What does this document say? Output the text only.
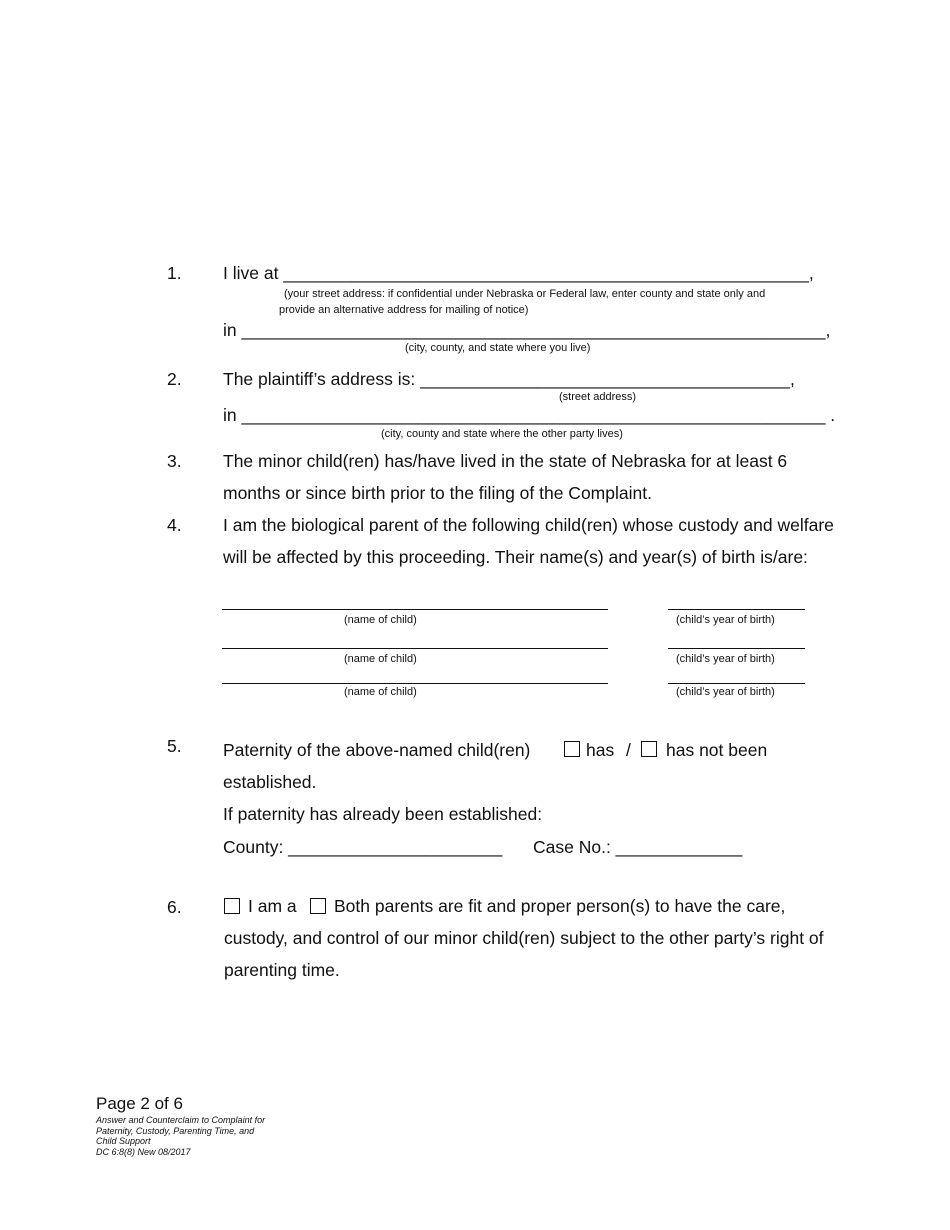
1. I live at ______________________________________________________,
(your street address: if confidential under Nebraska or Federal law, enter county and state only and
provide an alternative address for mailing of notice)
in ____________________________________________________________,
(city, county, and state where you live)
2. The plaintiff’s address is: ______________________________________,
(street address)
in ____________________________________________________________ .
(city, county and state where the other party lives)
3. The minor child(ren) has/have lived in the state of Nebraska for at least 6
months or since birth prior to the filing of the Complaint.
4. I am the biological parent of the following child(ren) whose custody and welfare
will be affected by this proceeding. Their name(s) and year(s) of birth is/are:
(name of child)	(child’s year of birth)
(name of child)	(child’s year of birth)
(name of child)	(child’s year of birth)
5. Paternity of the above-named child(ren)	has / has not been
established.
If paternity has already been established:
County: ______________________ Case No.: _____________
6.	I am a Both parents are fit and proper person(s) to have the care,
custody, and control of our minor child(ren) subject to the other party’s right of
parenting time.
Page 2 of 6
Answer and Counterclaim to Complaint for
Paternity, Custody, Parenting Time, and
Child Support
DC 6:8(8) New 08/2017
